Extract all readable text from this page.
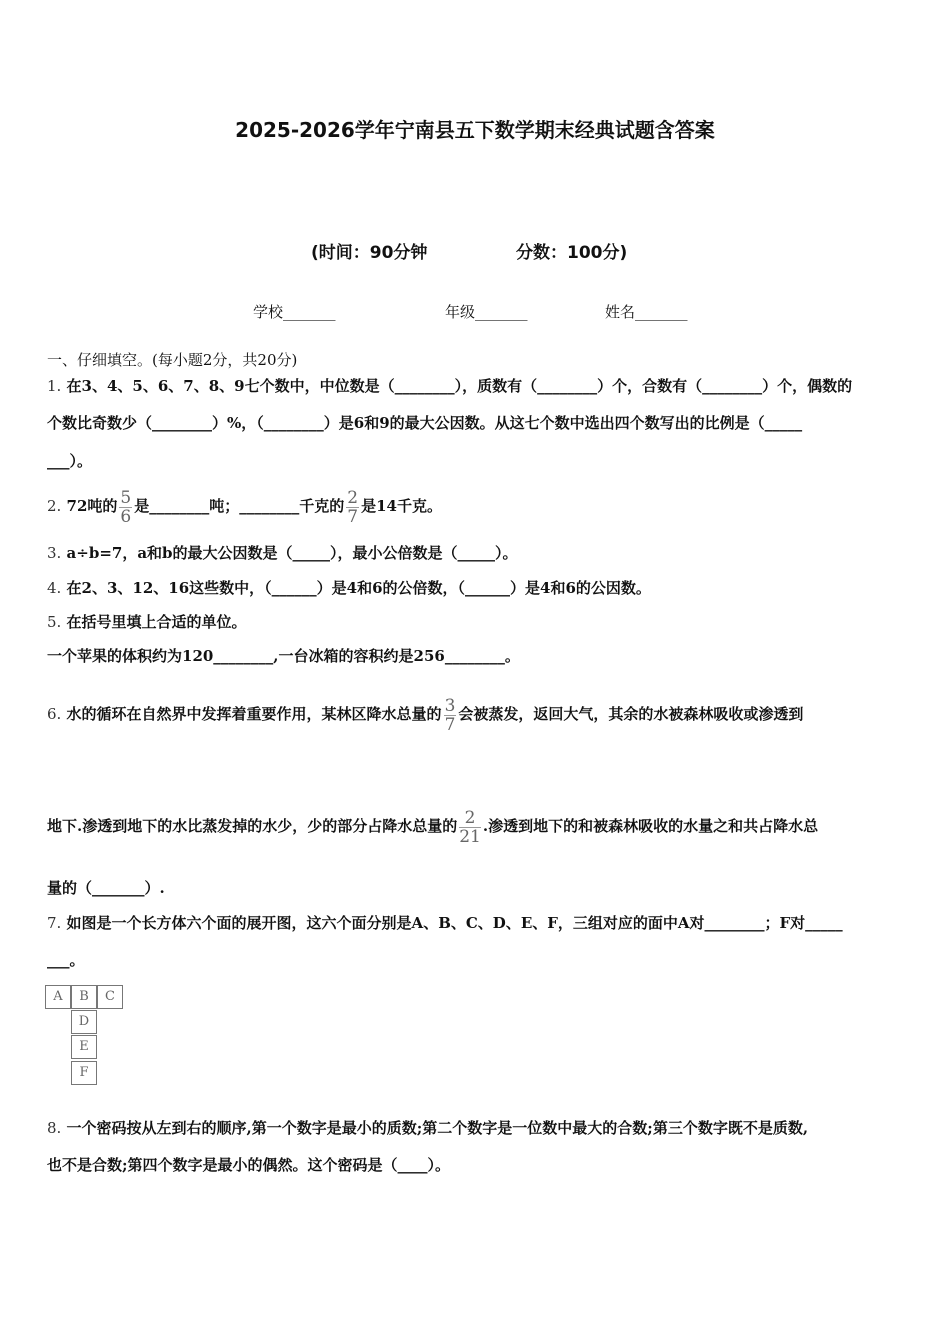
2025-2026学年宁南县五下数学期末经典试题含答案
(时间：90分钟	分数：100分)
学校_______	年级_______	姓名_______
一、仔细填空。(每小题2分，共20分)
1. 在3、4、5、6、7、8、9七个数中，中位数是（________），质数有（________）个，合数有（________）个，偶数的
个数比奇数少（________）%，（________）是6和9的最大公因数。从这七个数中选出四个数写出的比例是（_____
___）。
2. 72吨的 $\frac{5}{6}$ 是________吨；________千克的 $\frac{2}{7}$ 是14千克。
3. a÷b=7，a和b的最大公因数是（_____），最小公倍数是（_____）。
4. 在2、3、12、16这些数中，（______）是4和6的公倍数，（______）是4和6的公因数。
5. 在括号里填上合适的单位。
一个苹果的体积约为120________,一台冰箱的容积约是256________。
6. 水的循环在自然界中发挥着重要作用，某林区降水总量的 $\frac{3}{7}$ 会被蒸发，返回大气，其余的水被森林吸收或渗透到
地下.渗透到地下的水比蒸发掉的水少，少的部分占降水总量的 $\frac{2}{21}$ .渗透到地下的和被森林吸收的水量之和共占降水总
量的（_______）.
7. 如图是一个长方体六个面的展开图，这六个面分别是A、B、C、D、E、F，三组对应的面中A对________；F对_____
___。
A	B	C
D
E
F
8. 一个密码按从左到右的顺序,第一个数字是最小的质数;第二个数字是一位数中最大的合数;第三个数字既不是质数,
也不是合数;第四个数字是最小的偶然。这个密码是（____）。
